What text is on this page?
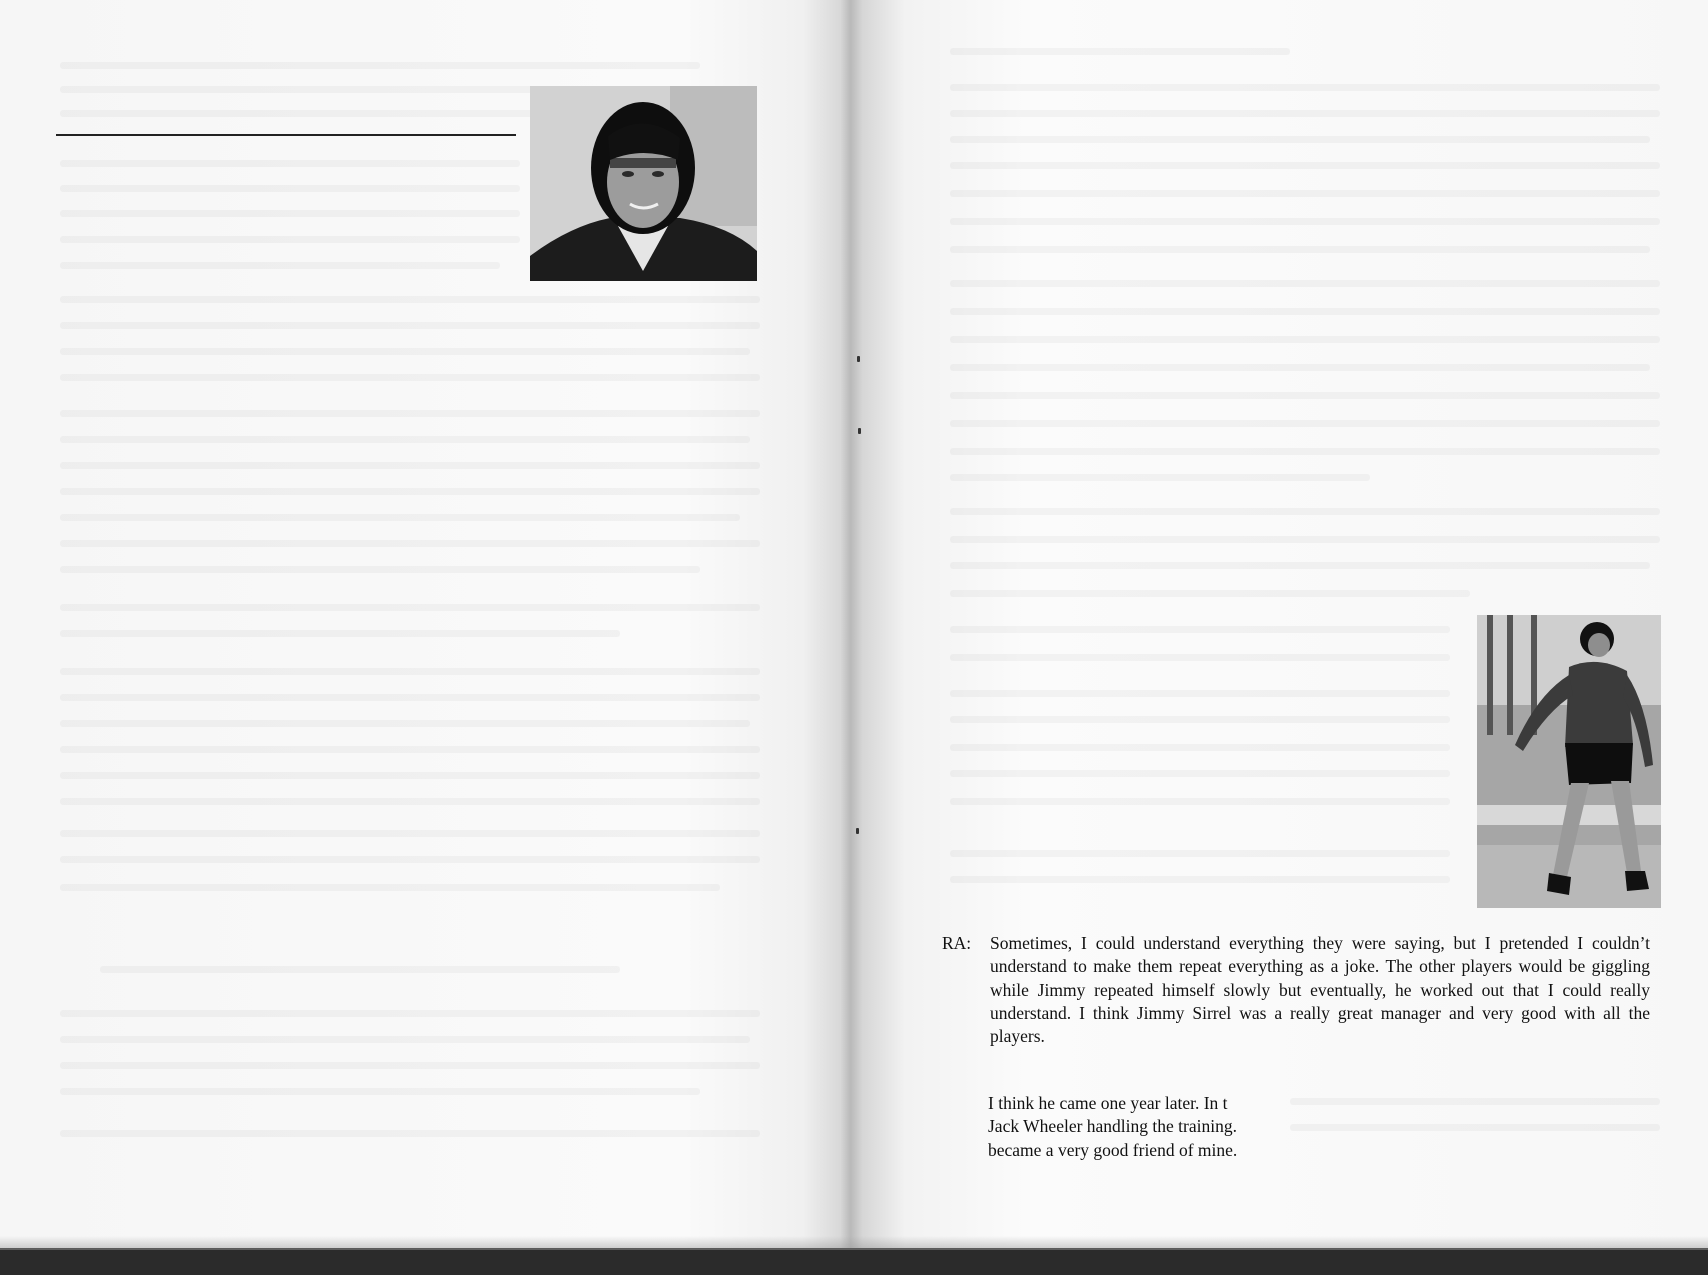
RA:	Sometimes, I could understand everything they were saying, but I pretended I couldn’t understand to make them repeat everything as a joke. The other players would be giggling while Jimmy repeated himself slowly but eventually, he worked out that I could really understand. I think Jimmy Sirrel was a really great manager and very good with all the players.
I think he came one year later. In t
Jack Wheeler handling the training.
became a very good friend of mine.
